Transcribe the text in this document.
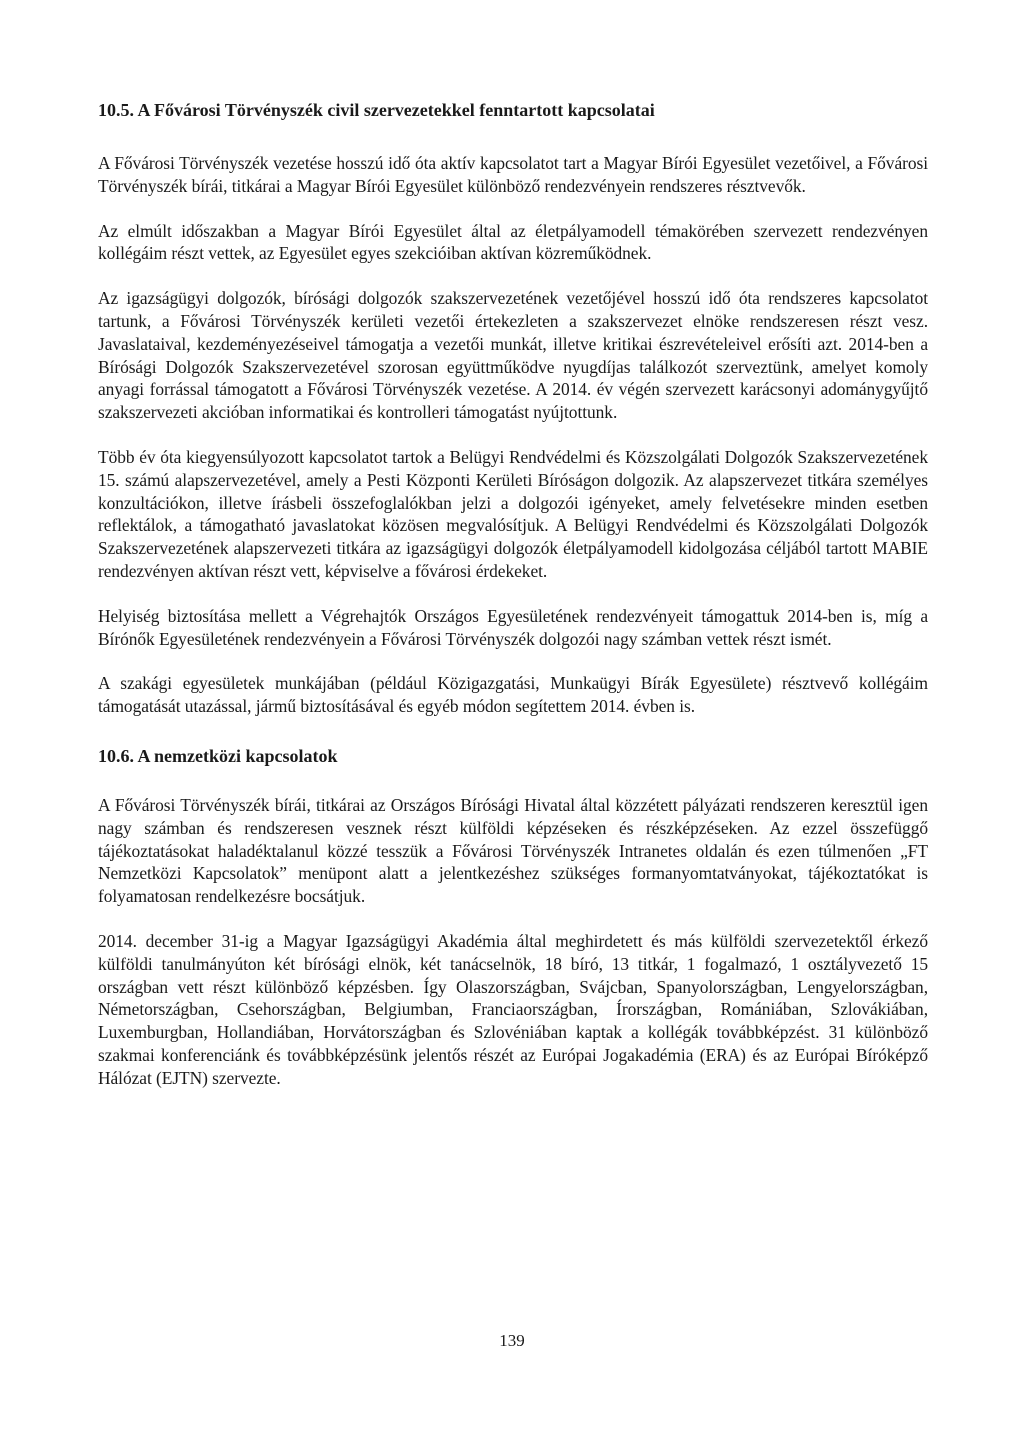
10.5. A Fővárosi Törvényszék civil szervezetekkel fenntartott kapcsolatai

A Fővárosi Törvényszék vezetése hosszú idő óta aktív kapcsolatot tart a Magyar Bírói Egyesület vezetőivel, a Fővárosi Törvényszék bírái, titkárai a Magyar Bírói Egyesület különböző rendezvényein rendszeres résztvevők.

Az elmúlt időszakban a Magyar Bírói Egyesület által az életpályamodell témakörében szervezett rendezvényen kollégáim részt vettek, az Egyesület egyes szekcióiban aktívan közreműködnek.

Az igazságügyi dolgozók, bírósági dolgozók szakszervezetének vezetőjével hosszú idő óta rendszeres kapcsolatot tartunk, a Fővárosi Törvényszék kerületi vezetői értekezleten a szakszervezet elnöke rendszeresen részt vesz. Javaslataival, kezdeményezéseivel támogatja a vezetői munkát, illetve kritikai észrevételeivel erősíti azt. 2014-ben a Bírósági Dolgozók Szakszervezetével szorosan együttműködve nyugdíjas találkozót szerveztünk, amelyet komoly anyagi forrással támogatott a Fővárosi Törvényszék vezetése. A 2014. év végén szervezett karácsonyi adománygyűjtő szakszervezeti akcióban informatikai és kontrolleri támogatást nyújtottunk.

Több év óta kiegyensúlyozott kapcsolatot tartok a Belügyi Rendvédelmi és Közszolgálati Dolgozók Szakszervezetének 15. számú alapszervezetével, amely a Pesti Központi Kerületi Bíróságon dolgozik. Az alapszervezet titkára személyes konzultációkon, illetve írásbeli összefoglalókban jelzi a dolgozói igényeket, amely felvetésekre minden esetben reflektálok, a támogatható javaslatokat közösen megvalósítjuk. A Belügyi Rendvédelmi és Közszolgálati Dolgozók Szakszervezetének alapszervezeti titkára az igazságügyi dolgozók életpályamodell kidolgozása céljából tartott MABIE rendezvényen aktívan részt vett, képviselve a fővárosi érdekeket.

Helyiség biztosítása mellett a Végrehajtók Országos Egyesületének rendezvényeit támogattuk 2014-ben is, míg a Bírónők Egyesületének rendezvényein a Fővárosi Törvényszék dolgozói nagy számban vettek részt ismét.

A szakági egyesületek munkájában (például Közigazgatási, Munkaügyi Bírák Egyesülete) résztvevő kollégáim támogatását utazással, jármű biztosításával és egyéb módon segítettem 2014. évben is.

10.6. A nemzetközi kapcsolatok

A Fővárosi Törvényszék bírái, titkárai az Országos Bírósági Hivatal által közzétett pályázati rendszeren keresztül igen nagy számban és rendszeresen vesznek részt külföldi képzéseken és részképzéseken. Az ezzel összefüggő tájékoztatásokat haladéktalanul közzé tesszük a Fővárosi Törvényszék Intranetes oldalán és ezen túlmenően „FT Nemzetközi Kapcsolatok” menüpont alatt a jelentkezéshez szükséges formanyomtatványokat, tájékoztatókat is folyamatosan rendelkezésre bocsátjuk.

2014. december 31-ig a Magyar Igazságügyi Akadémia által meghirdetett és más külföldi szervezetektől érkező külföldi tanulmányúton két bírósági elnök, két tanácselnök, 18 bíró, 13 titkár, 1 fogalmazó, 1 osztályvezető 15 országban vett részt különböző képzésben. Így Olaszországban, Svájcban, Spanyolországban, Lengyelországban, Németországban, Csehországban, Belgiumban, Franciaországban, Írországban, Romániában, Szlovákiában, Luxemburgban, Hollandiában, Horvátországban és Szlovéniában kaptak a kollégák továbbképzést. 31 különböző szakmai konferenciánk és továbbképzésünk jelentős részét az Európai Jogakadémia (ERA) és az Európai Bíróképző Hálózat (EJTN) szervezte.

139
